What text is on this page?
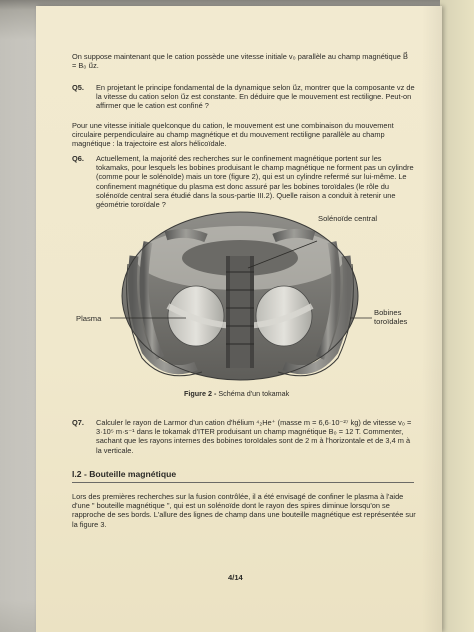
On suppose maintenant que le cation possède une vitesse initiale v₀ parallèle au champ magnétique B⃗ = B₀ u⃗z.
Q5. En projetant le principe fondamental de la dynamique selon u⃗z, montrer que la composante vz de la vitesse du cation selon u⃗z est constante. En déduire que le mouvement est rectiligne. Peut-on affirmer que le cation est confiné ?
Pour une vitesse initiale quelconque du cation, le mouvement est une combinaison du mouvement circulaire perpendiculaire au champ magnétique et du mouvement rectiligne parallèle au champ magnétique : la trajectoire est alors hélicoïdale.
Q6. Actuellement, la majorité des recherches sur le confinement magnétique portent sur les tokamaks, pour lesquels les bobines produisant le champ magnétique ne forment pas un cylindre (comme pour le solénoïde) mais un tore (figure 2), qui est un cylindre refermé sur lui-même. Le confinement magnétique du plasma est donc assuré par les bobines toroïdales (le rôle du solénoïde central sera étudié dans la sous-partie III.2). Quelle raison a conduit à retenir une géométrie toroïdale ?
Solénoïde central
Plasma
Bobines toroïdales
Figure 2 - Schéma d'un tokamak
Q7. Calculer le rayon de Larmor d'un cation d'hélium ⁴₂He⁺ (masse m = 6,6·10⁻²⁷ kg) de vitesse v₀ = 3·10⁵ m·s⁻¹ dans le tokamak d'ITER produisant un champ magnétique B₀ = 12 T. Commenter, sachant que les rayons internes des bobines toroïdales sont de 2 m à l'horizontale et de 3,4 m à la verticale.
I.2 - Bouteille magnétique
Lors des premières recherches sur la fusion contrôlée, il a été envisagé de confiner le plasma à l'aide d'une " bouteille magnétique ", qui est un solénoïde dont le rayon des spires diminue lorsqu'on se rapproche de ses bords. L'allure des lignes de champ dans une bouteille magnétique est représentée sur la figure 3.
4/14
